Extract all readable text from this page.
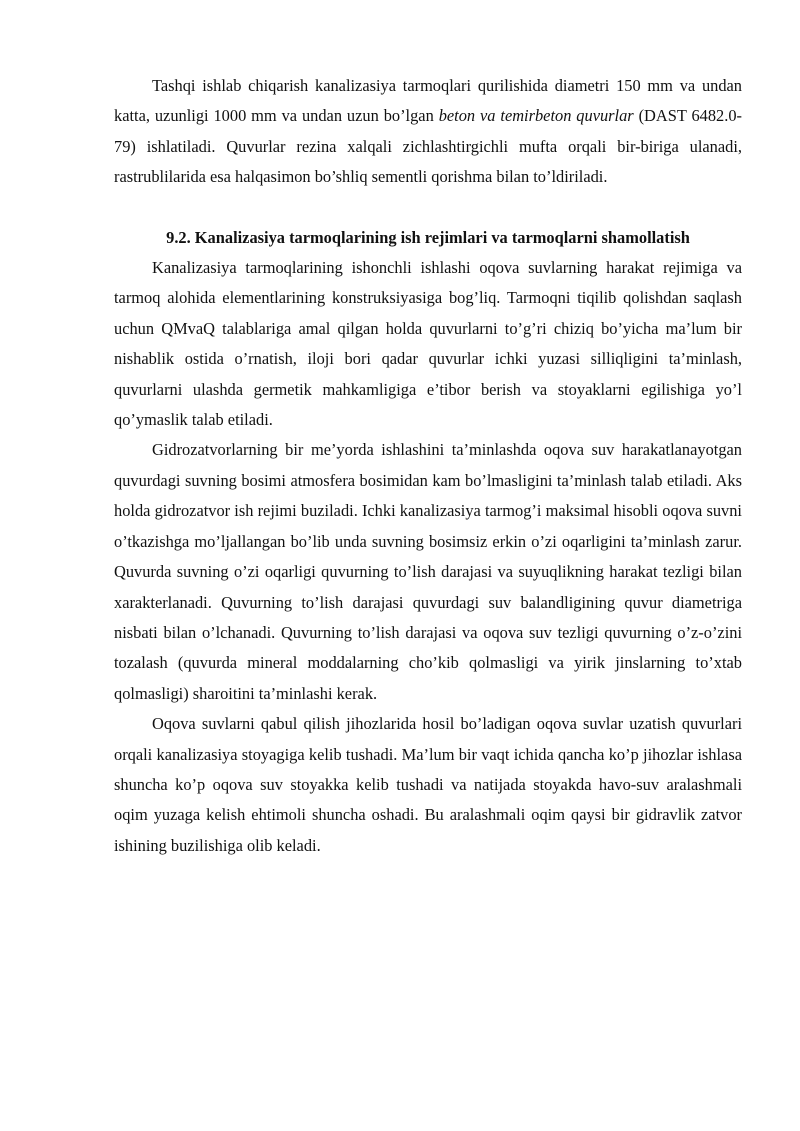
Tashqi ishlab chiqarish kanalizasiya tarmoqlari qurilishida diametri 150 mm va undan katta, uzunligi 1000 mm va undan uzun bo’lgan beton va temirbeton quvurlar (DAST 6482.0-79) ishlatiladi. Quvurlar rezina xalqali zichlashtirgichli mufta orqali bir-biriga ulanadi, rastrublilarida esa halqasimon bo’shliq sementli qorishma bilan to’ldiriladi.

9.2. Kanalizasiya tarmoqlarining ish rejimlari va tarmoqlarni shamollatish

Kanalizasiya tarmoqlarining ishonchli ishlashi oqova suvlarning harakat rejimiga va tarmoq alohida elementlarining konstruksiyasiga bog’liq. Tarmoqni tiqilib qolishdan saqlash uchun QMvaQ talablariga amal qilgan holda quvurlarni to’g’ri chiziq bo’yicha ma’lum bir nishablik ostida o’rnatish, iloji bori qadar quvurlar ichki yuzasi silliqligini ta’minlash, quvurlarni ulashda germetik mahkamligiga e’tibor berish va stoyaklarni egilishiga yo’l qo’ymaslik talab etiladi.

Gidrozatvorlarning bir me’yorda ishlashini ta’minlashda oqova suv harakatlanayotgan quvurdagi suvning bosimi atmosfera bosimidan kam bo’lmasligini ta’minlash talab etiladi. Aks holda gidrozatvor ish rejimi buziladi. Ichki kanalizasiya tarmog’i maksimal hisobli oqova suvni o’tkazishga mo’ljallangan bo’lib unda suvning bosimsiz erkin o’zi oqarligini ta’minlash zarur. Quvurda suvning o’zi oqarligi quvurning to’lish darajasi va suyuqlikning harakat tezligi bilan xarakterlanadi. Quvurning to’lish darajasi quvurdagi suv balandligining quvur diametriga nisbati bilan o’lchanadi. Quvurning to’lish darajasi va oqova suv tezligi quvurning o’z-o’zini tozalash (quvurda mineral moddalarning cho’kib qolmasligi va yirik jinslarning to’xtab qolmasligi) sharoitini ta’minlashi kerak.

Oqova suvlarni qabul qilish jihozlarida hosil bo’ladigan oqova suvlar uzatish quvurlari orqali kanalizasiya stoyagiga kelib tushadi. Ma’lum bir vaqt ichida qancha ko’p jihozlar ishlasa shuncha ko’p oqova suv stoyakka kelib tushadi va natijada stoyakda havo-suv aralashmali oqim yuzaga kelish ehtimoli shuncha oshadi. Bu aralashmali oqim qaysi bir gidravlik zatvor ishining buzilishiga olib keladi.
